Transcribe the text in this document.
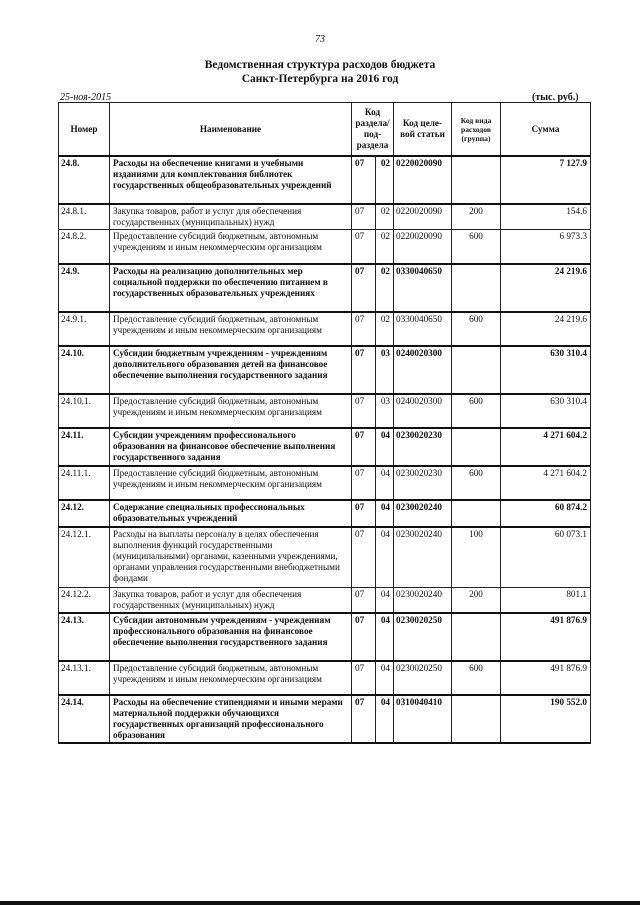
73
Ведомственная структура расходов бюджета
Санкт-Петербурга на 2016 год
25-ноя-2015	(тыс. руб.)
Номер	Наименование	Код раздела/ под-раздела		Код целе-вой статьи	Код вида расходов (группа)	Сумма
24.8.	Расходы на обеспечение книгами и учебными изданиями для комплектования библиотек государственных общеобразовательных учреждений	07	02	0220020090		7 127.9
24.8.1.	Закупка товаров, работ и услуг для обеспечения государственных (муниципальных) нужд	07	02	0220020090	200	154.6
24.8.2.	Предоставление субсидий бюджетным, автономным учреждениям и иным некоммерческим организациям	07	02	0220020090	600	6 973.3
24.9.	Расходы на реализацию дополнительных мер социальной поддержки по обеспечению питанием в государственных образовательных учреждениях	07	02	0330040650		24 219.6
24.9.1.	Предоставление субсидий бюджетным, автономным учреждениям и иным некоммерческим организациям	07	02	0330040650	600	24 219.6
24.10.	Субсидии бюджетным учреждениям - учреждениям дополнительного образования детей на финансовое обеспечение выполнения государственного задания	07	03	0240020300		630 310.4
24.10.1.	Предоставление субсидий бюджетным, автономным учреждениям и иным некоммерческим организациям	07	03	0240020300	600	630 310.4
24.11.	Субсидии учреждениям профессионального образования на финансовое обеспечение выполнения государственного задания	07	04	0230020230		4 271 604.2
24.11.1.	Предоставление субсидий бюджетным, автономным учреждениям и иным некоммерческим организациям	07	04	0230020230	600	4 271 604.2
24.12.	Содержание специальных профессиональных образовательных учреждений	07	04	0230020240		60 874.2
24.12.1.	Расходы на выплаты персоналу в целях обеспечения выполнения функций государственными (муниципальными) органами, казенными учреждениями, органами управления государственными внебюджетными фондами	07	04	0230020240	100	60 073.1
24.12.2.	Закупка товаров, работ и услуг для обеспечения государственных (муниципальных) нужд	07	04	0230020240	200	801.1
24.13.	Субсидии автономным учреждениям - учреждениям профессионального образования на финансовое обеспечение выполнения государственного задания	07	04	0230020250		491 876.9
24.13.1.	Предоставление субсидий бюджетным, автономным учреждениям и иным некоммерческим организациям	07	04	0230020250	600	491 876.9
24.14.	Расходы на обеспечение стипендиями и иными мерами материальной поддержки обучающихся государственных организаций профессионального образования	07	04	0310040410		190 552.0
